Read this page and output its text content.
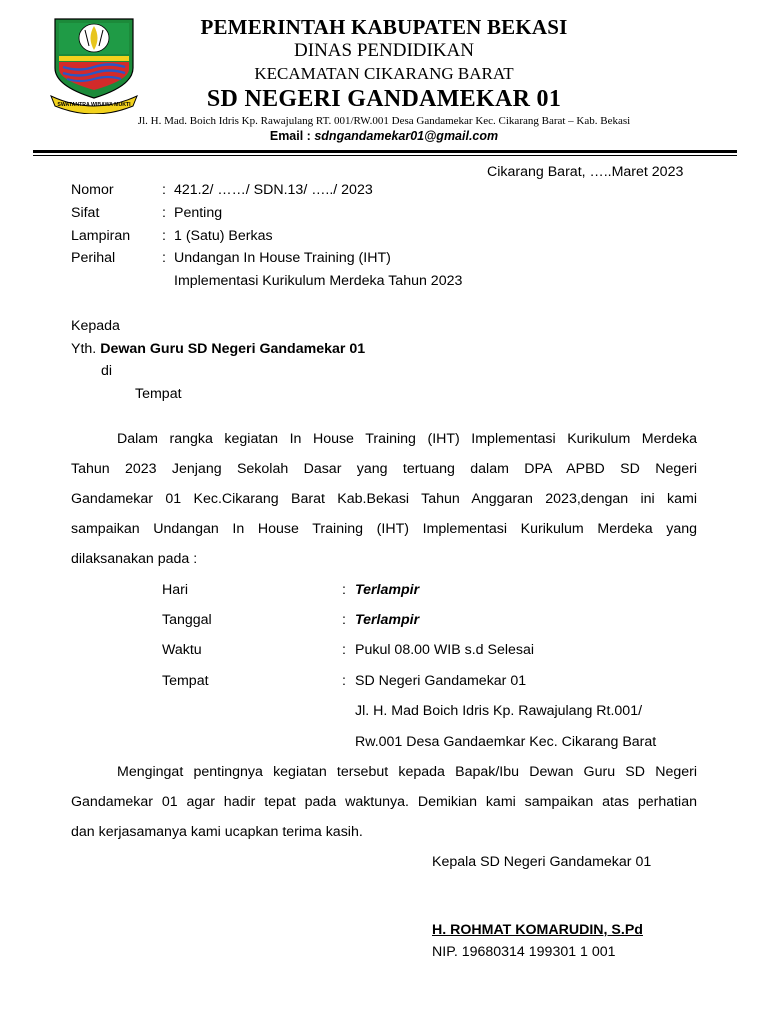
SWATANTRA WIBAWA MUKTI
PEMERINTAH KABUPATEN BEKASI
DINAS PENDIDIKAN
KECAMATAN CIKARANG BARAT
SD NEGERI GANDAMEKAR 01
Jl. H. Mad. Boich Idris Kp. Rawajulang RT. 001/RW.001 Desa Gandamekar Kec. Cikarang Barat – Kab. Bekasi
Email : sdngandamekar01@gmail.com
Cikarang Barat, …..Maret 2023
Nomor	: 421.2/ ……/ SDN.13/ …../ 2023
Sifat	: Penting
Lampiran : 1 (Satu) Berkas
Perihal	: Undangan In House Training (IHT)
Implementasi Kurikulum Merdeka Tahun 2023
Kepada
Yth. Dewan Guru SD Negeri Gandamekar 01
di
Tempat
Dalam rangka kegiatan In House Training (IHT) Implementasi Kurikulum Merdeka
Tahun 2023 Jenjang Sekolah Dasar yang tertuang dalam DPA APBD SD Negeri
Gandamekar 01 Kec.Cikarang Barat Kab.Bekasi Tahun Anggaran 2023,dengan ini kami
sampaikan Undangan In House Training (IHT) Implementasi Kurikulum Merdeka yang
dilaksanakan pada :
Hari	: Terlampir
Tanggal	: Terlampir
Waktu	: Pukul 08.00 WIB s.d Selesai
Tempat	: SD Negeri Gandamekar 01
Jl. H. Mad Boich Idris Kp. Rawajulang Rt.001/
Rw.001 Desa Gandaemkar Kec. Cikarang Barat
Mengingat pentingnya kegiatan tersebut kepada Bapak/Ibu Dewan Guru SD Negeri
Gandamekar 01 agar hadir tepat pada waktunya. Demikian kami sampaikan atas perhatian
dan kerjasamanya kami ucapkan terima kasih.
Kepala SD Negeri Gandamekar 01
H. ROHMAT KOMARUDIN, S.Pd
NIP. 19680314 199301 1 001
